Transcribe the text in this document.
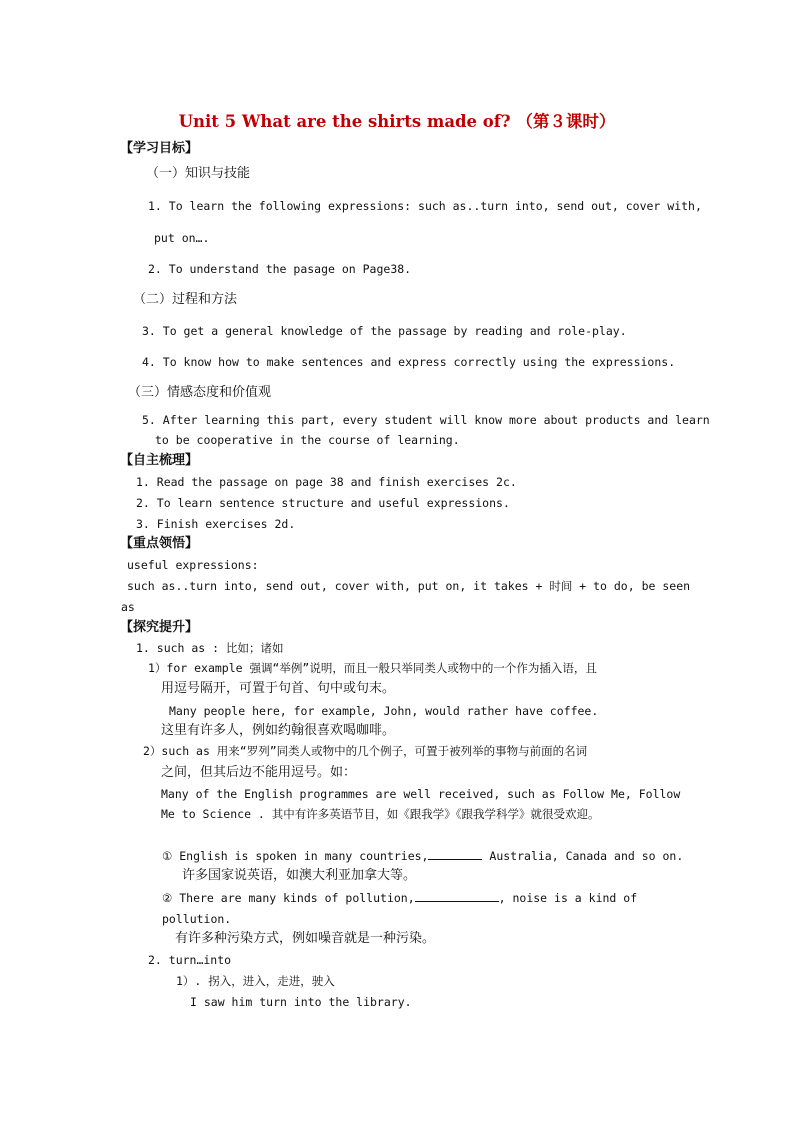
Unit 5 What are the shirts made of? （第３课时）
【学习目标】
（一）知识与技能
1. To learn the following expressions: such as..turn into, send out, cover with,
put on….
2. To understand the pasage on Page38.
（二）过程和方法
3. To get a general knowledge of the passage by reading and role-play.
4. To know how to make sentences and express correctly using the expressions.
（三）情感态度和价值观
5. After learning this part, every student will know more about products and learn
to be cooperative in the course of learning.
【自主梳理】
1. Read the passage on page 38 and finish exercises 2c.
2. To learn sentence structure and useful expressions.
3. Finish exercises 2d.
【重点领悟】
useful expressions:
such as..turn into, send out, cover with, put on, it takes + 时间 + to do, be seen
as
【探究提升】
1. such as : 比如；诸如
1）for example 强调“举例”说明，而且一般只举同类人或物中的一个作为插入语，且
用逗号隔开，可置于句首、句中或句末。
Many people here, for example, John, would rather have coffee.
这里有许多人，例如约翰很喜欢喝咖啡。
2）such as 用来“罗列”同类人或物中的几个例子，可置于被列举的事物与前面的名词
之间，但其后边不能用逗号。如：
Many of the English programmes are well received, such as Follow Me, Follow
Me to Science . 其中有许多英语节目，如《跟我学》《跟我学科学》就很受欢迎。
① English is spoken in many countries,	Australia, Canada and so on.
许多国家说英语，如澳大利亚加拿大等。
② There are many kinds of pollution,	, noise is a kind of
pollution.
有许多种污染方式，例如噪音就是一种污染。
2. turn…into
1）. 拐入，进入，走进，驶入
I saw him turn into the library.
